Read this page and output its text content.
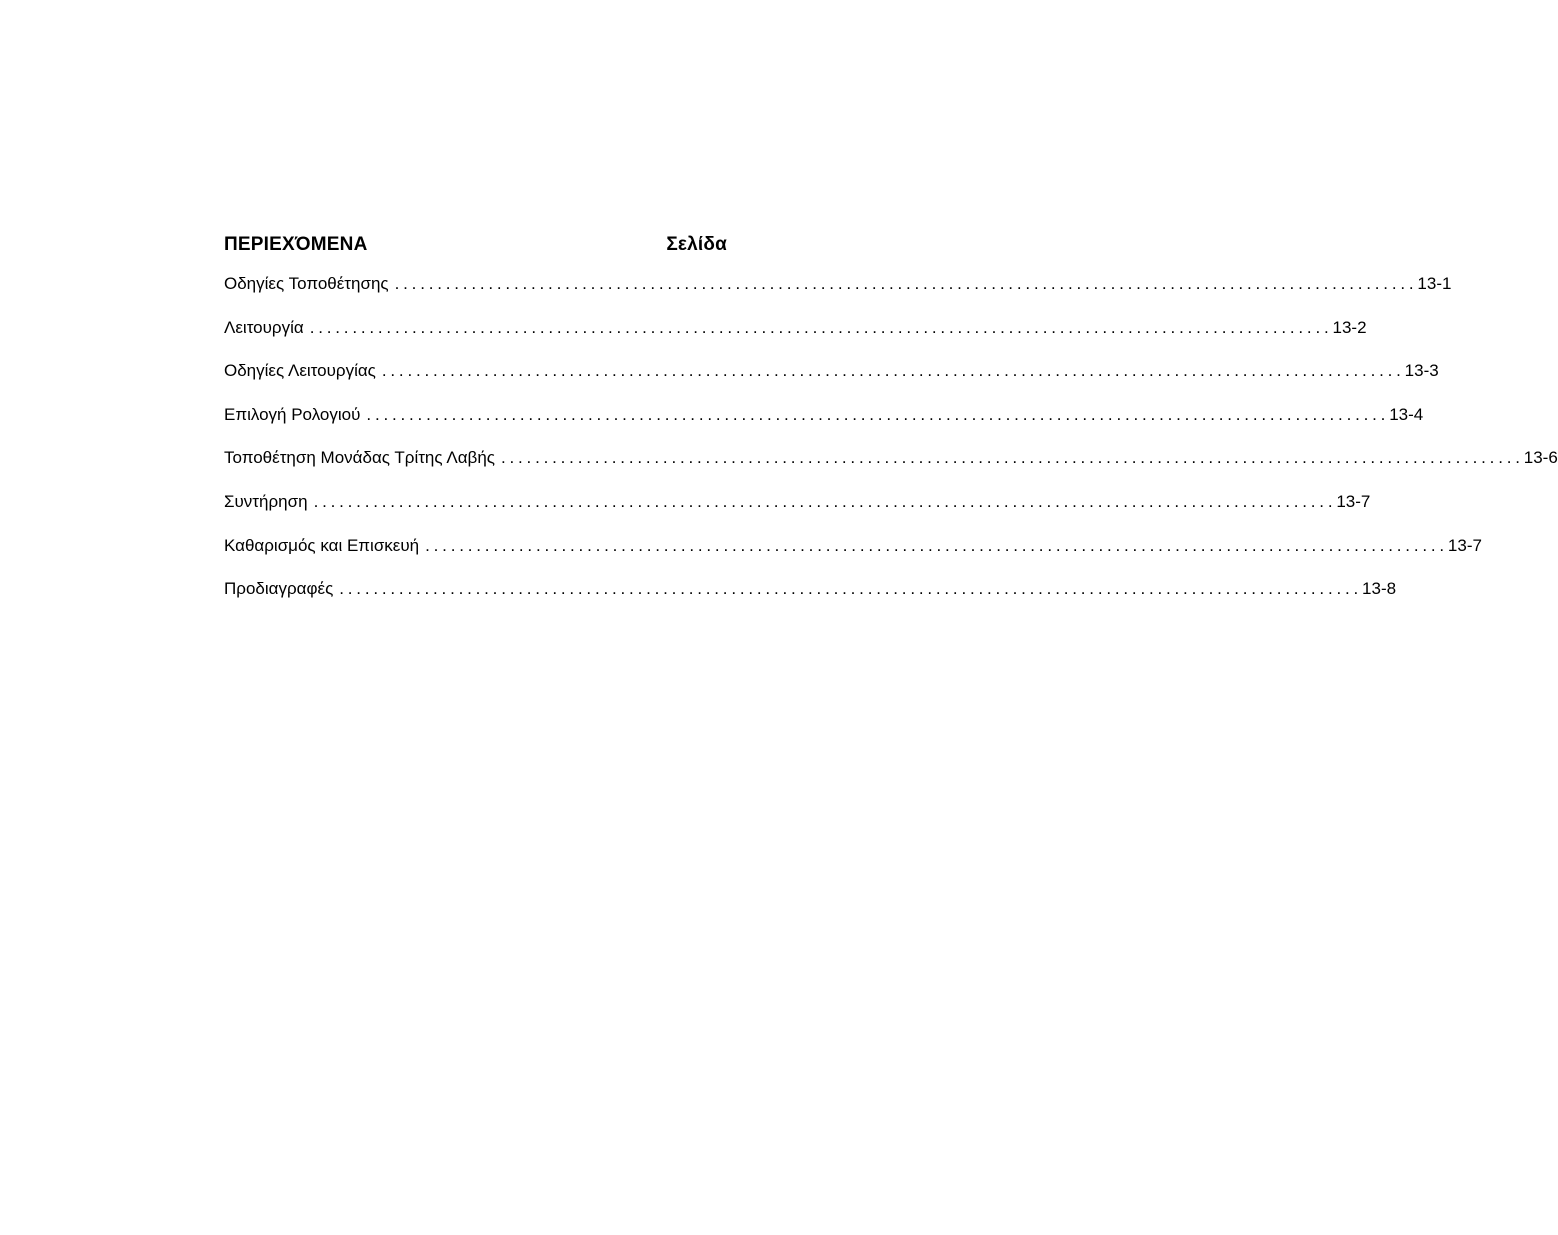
ΠΕΡΙΕΧΌΜΕΝΑ	Σελίδα
Οδηγίες Τοποθέτησης ........................................................................................................................ 13-1
Λειτουργία ........................................................................................................................ 13-2
Οδηγίες Λειτουργίας ........................................................................................................................ 13-3
Επιλογή Ρολογιού ........................................................................................................................ 13-4
Τοποθέτηση Μονάδας Τρίτης Λαβής ........................................................................................................................ 13-6
Συντήρηση ........................................................................................................................ 13-7
Καθαρισμός και Επισκευή ........................................................................................................................ 13-7
Προδιαγραφές ........................................................................................................................ 13-8
